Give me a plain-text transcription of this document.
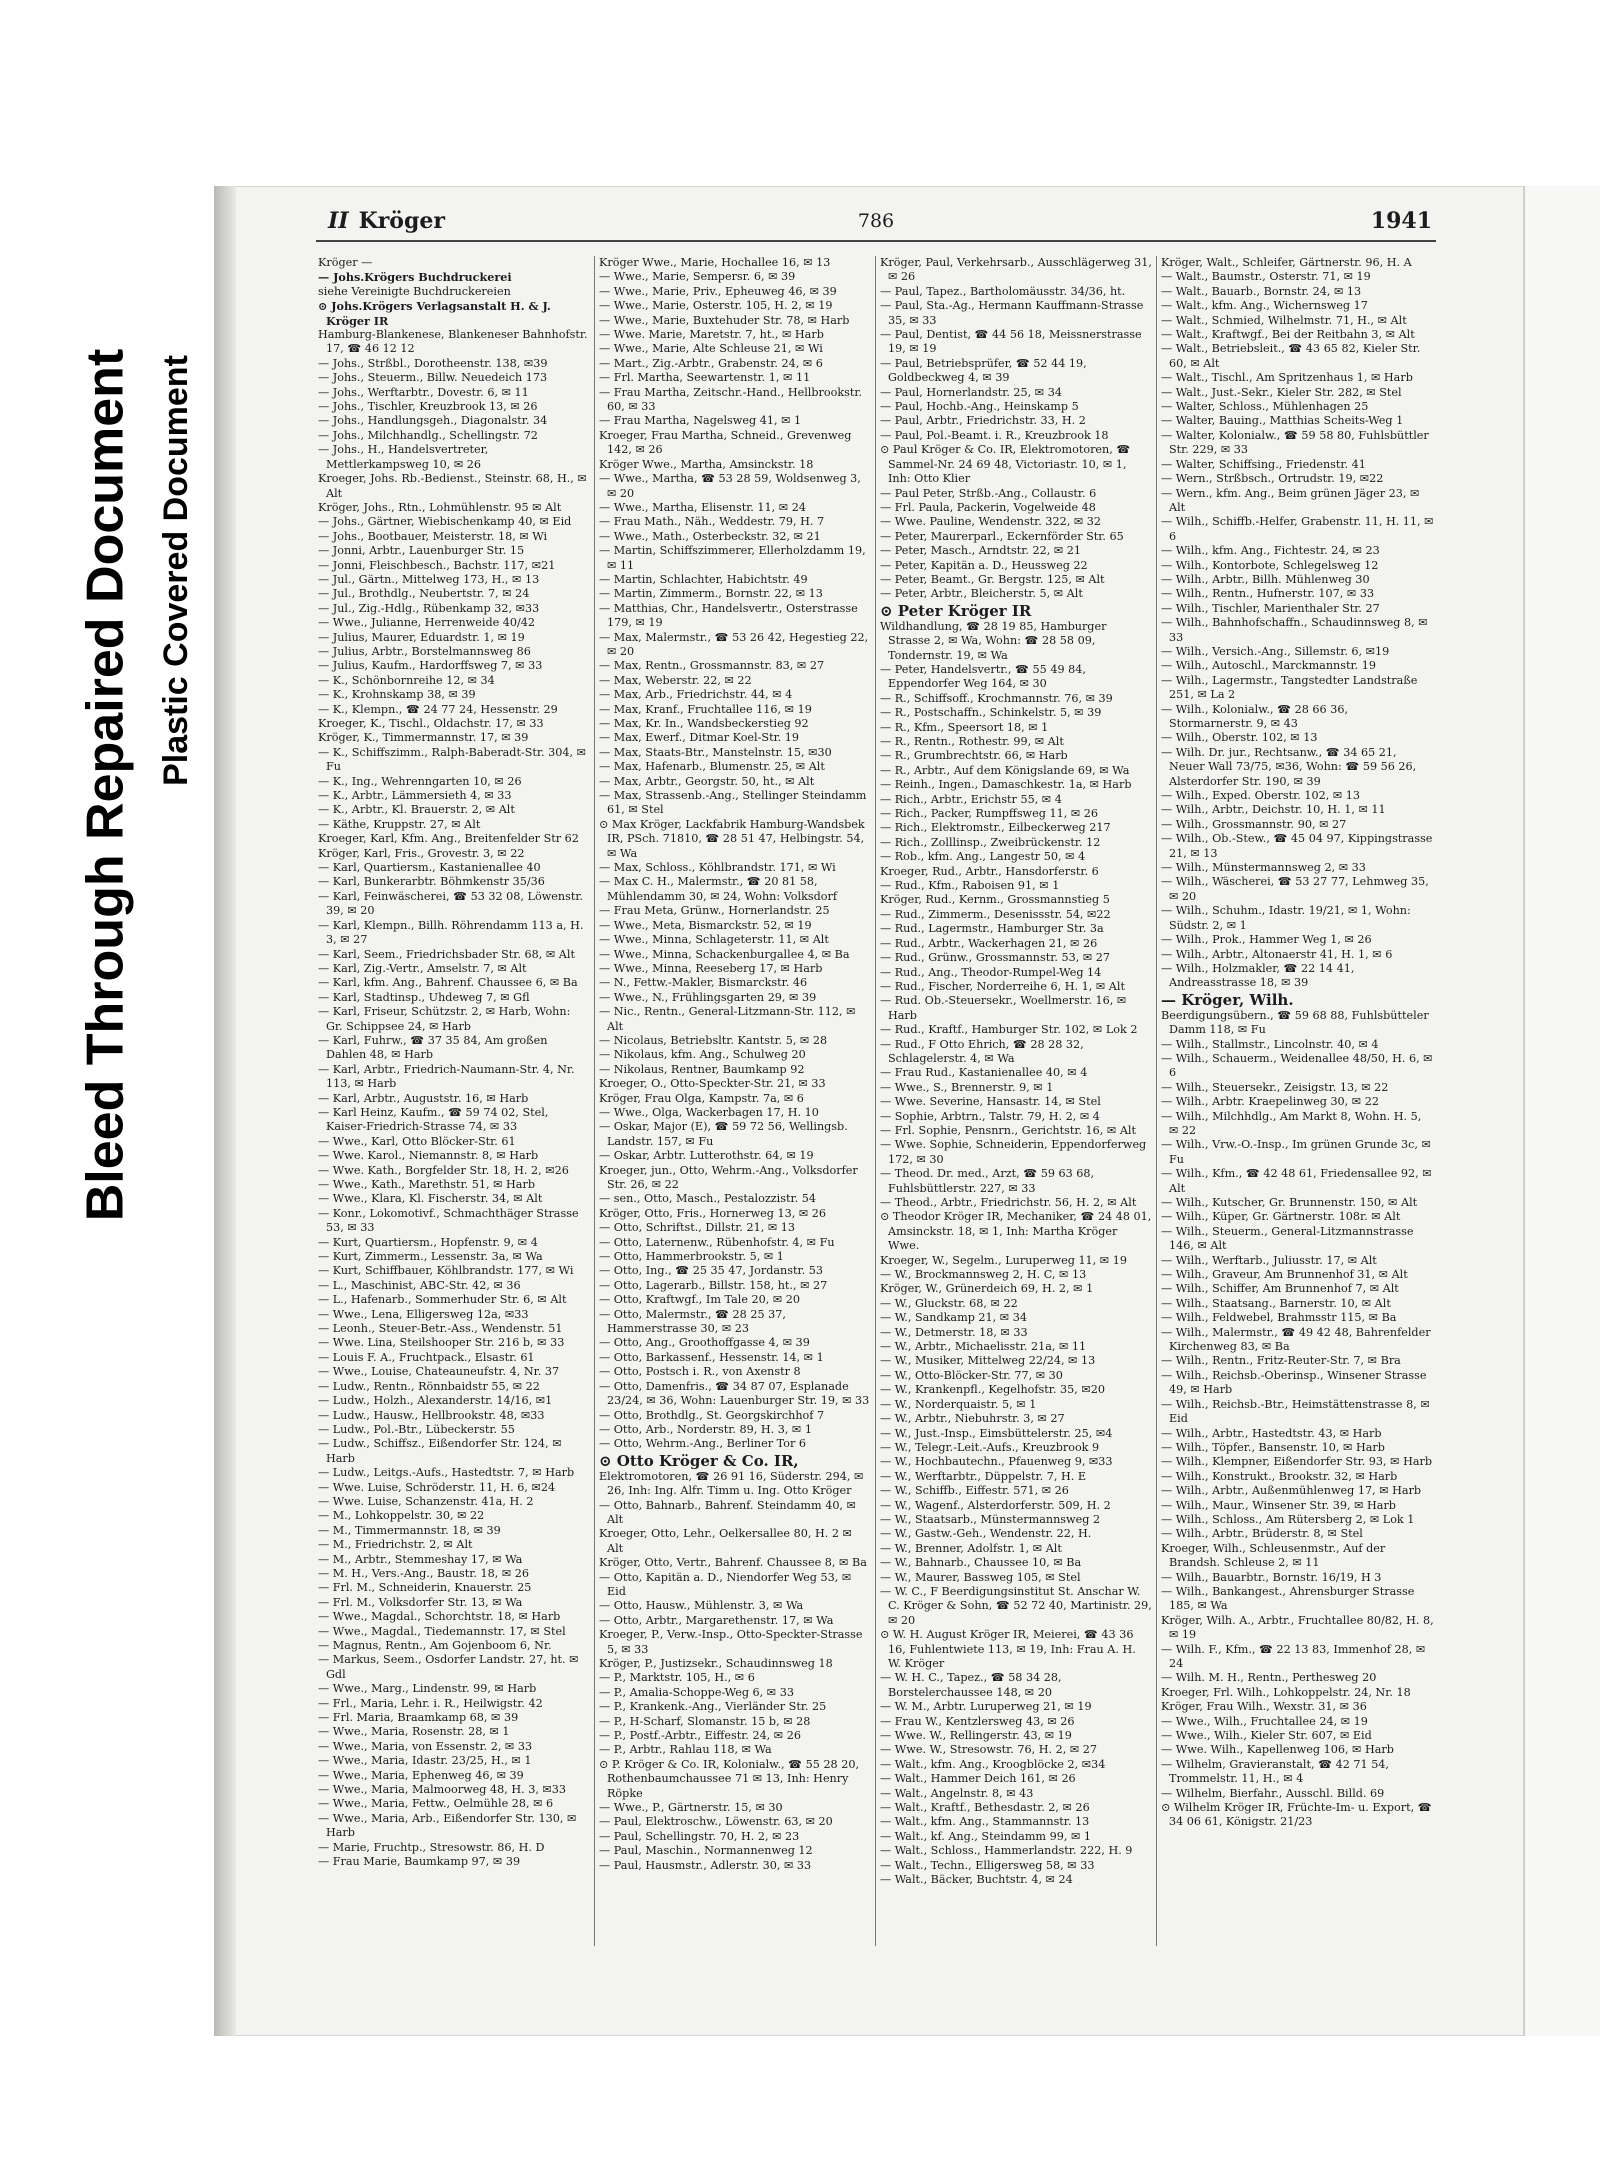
Bleed Through Repaired Document Plastic Covered Document
II Kröger	786	1941

Kröger —

— Johs.Krögers Buchdruckerei

siehe Vereinigte Buchdruckereien

⊙ Johs.Krögers Verlagsanstalt H. & J. Kröger IR

Hamburg-Blankenese, Blankeneser Bahnhofstr. 17, ☎ 46 12 12

— Johs., Strßbl., Dorotheenstr. 138, ✉39

— Johs., Steuerm., Billw. Neuedeich 173

— Johs., Werftarbtr., Dovestr. 6, ✉ 11

— Johs., Tischler, Kreuzbrook 13, ✉ 26

— Johs., Handlungsgeh., Diagonalstr. 34

— Johs., Milchhandlg., Schellingstr. 72

— Johs., H., Handelsvertreter, Mettlerkampsweg 10, ✉ 26

Kroeger, Johs. Rb.-Bedienst., Steinstr. 68, H., ✉ Alt

Kröger, Johs., Rtn., Lohmühlenstr. 95 ✉ Alt

— Johs., Gärtner, Wiebischenkamp 40, ✉ Eid

— Johs., Bootbauer, Meisterstr. 18, ✉ Wi

— Jonni, Arbtr., Lauenburger Str. 15

— Jonni, Fleischbesch., Bachstr. 117, ✉21

— Jul., Gärtn., Mittelweg 173, H., ✉ 13

— Jul., Brothdlg., Neubertstr. 7, ✉ 24

— Jul., Zig.-Hdlg., Rübenkamp 32, ✉33

— Wwe., Julianne, Herrenweide 40/42

— Julius, Maurer, Eduardstr. 1, ✉ 19

— Julius, Arbtr., Borstelmannsweg 86

— Julius, Kaufm., Hardorffsweg 7, ✉ 33

— K., Schönbornreihe 12, ✉ 34

— K., Krohnskamp 38, ✉ 39

— K., Klempn., ☎ 24 77 24, Hessenstr. 29

Kroeger, K., Tischl., Oldachstr. 17, ✉ 33

Kröger, K., Timmermannstr. 17, ✉ 39

— K., Schiffszimm., Ralph-Baberadt-Str. 304, ✉ Fu

— K., Ing., Wehrenngarten 10, ✉ 26

— K., Arbtr., Lämmersieth 4, ✉ 33

— K., Arbtr., Kl. Brauerstr. 2, ✉ Alt

— Käthe, Kruppstr. 27, ✉ Alt

Kroeger, Karl, Kfm. Ang., Breitenfelder Str 62

Kröger, Karl, Fris., Grovestr. 3, ✉ 22

— Karl, Quartiersm., Kastanienallee 40

— Karl, Bunkerarbtr. Böhmkenstr 35/36

— Karl, Feinwäscherei, ☎ 53 32 08, Löwenstr. 39, ✉ 20

— Karl, Klempn., Billh. Röhrendamm 113 a, H. 3, ✉ 27

— Karl, Seem., Friedrichsbader Str. 68, ✉ Alt

— Karl, Zig.-Vertr., Amselstr. 7, ✉ Alt

— Karl, kfm. Ang., Bahrenf. Chaussee 6, ✉ Ba

— Karl, Stadtinsp., Uhdeweg 7, ✉ Gfl

— Karl, Friseur, Schützstr. 2, ✉ Harb, Wohn: Gr. Schippsee 24, ✉ Harb

— Karl, Fuhrw., ☎ 37 35 84, Am großen Dahlen 48, ✉ Harb

— Karl, Arbtr., Friedrich-Naumann-Str. 4, Nr. 113, ✉ Harb

— Karl, Arbtr., Auguststr. 16, ✉ Harb

— Karl Heinz, Kaufm., ☎ 59 74 02, Stel, Kaiser-Friedrich-Strasse 74, ✉ 33

— Wwe., Karl, Otto Blöcker-Str. 61

— Wwe. Karol., Niemannstr. 8, ✉ Harb

— Wwe. Kath., Borgfelder Str. 18, H. 2, ✉26

— Wwe., Kath., Marethstr. 51, ✉ Harb

— Wwe., Klara, Kl. Fischerstr. 34, ✉ Alt

— Konr., Lokomotivf., Schmachthäger Strasse 53, ✉ 33

— Kurt, Quartiersm., Hopfenstr. 9, ✉ 4

— Kurt, Zimmerm., Lessenstr. 3a, ✉ Wa

— Kurt, Schiffbauer, Köhlbrandstr. 177, ✉ Wi

— L., Maschinist, ABC-Str. 42, ✉ 36

— L., Hafenarb., Sommerhuder Str. 6, ✉ Alt

— Wwe., Lena, Elligersweg 12a, ✉33

— Leonh., Steuer-Betr.-Ass., Wendenstr. 51

— Wwe. Lina, Steilshooper Str. 216 b, ✉ 33

— Louis F. A., Fruchtpack., Elsastr. 61

— Wwe., Louise, Chateauneufstr. 4, Nr. 37

— Ludw., Rentn., Rönnbaidstr 55, ✉ 22

— Ludw., Holzh., Alexanderstr. 14/16, ✉1

— Ludw., Hausw., Hellbrookstr. 48, ✉33

— Ludw., Pol.-Btr., Lübeckerstr. 55

— Ludw., Schiffsz., Eißendorfer Str. 124, ✉ Harb

— Ludw., Leitgs.-Aufs., Hastedtstr. 7, ✉ Harb

— Wwe. Luise, Schröderstr. 11, H. 6, ✉24

— Wwe. Luise, Schanzenstr. 41a, H. 2

— M., Lohkoppelstr. 30, ✉ 22

— M., Timmermannstr. 18, ✉ 39

— M., Friedrichstr. 2, ✉ Alt

— M., Arbtr., Stemmeshay 17, ✉ Wa

— M. H., Vers.-Ang., Baustr. 18, ✉ 26

— Frl. M., Schneiderin, Knauerstr. 25

— Frl. M., Volksdorfer Str. 13, ✉ Wa

— Wwe., Magdal., Schorchtstr. 18, ✉ Harb

— Wwe., Magdal., Tiedemannstr. 17, ✉ Stel

— Magnus, Rentn., Am Gojenboom 6, Nr.

— Markus, Seem., Osdorfer Landstr. 27, ht. ✉ Gdl

— Wwe., Marg., Lindenstr. 99, ✉ Harb

— Frl., Maria, Lehr. i. R., Heilwigstr. 42

— Frl. Maria, Braamkamp 68, ✉ 39

— Wwe., Maria, Rosenstr. 28, ✉ 1

— Wwe., Maria, von Essenstr. 2, ✉ 33

— Wwe., Maria, Idastr. 23/25, H., ✉ 1

— Wwe., Maria, Ephenweg 46, ✉ 39

— Wwe., Maria, Malmoorweg 48, H. 3, ✉33

— Wwe., Maria, Fettw., Oelmühle 28, ✉ 6

— Wwe., Maria, Arb., Eißendorfer Str. 130, ✉ Harb

— Marie, Fruchtp., Stresowstr. 86, H. D

— Frau Marie, Baumkamp 97, ✉ 39

Kröger Wwe., Marie, Hochallee 16, ✉ 13

— Wwe., Marie, Sempersr. 6, ✉ 39

— Wwe., Marie, Priv., Epheuweg 46, ✉ 39

— Wwe., Marie, Osterstr. 105, H. 2, ✉ 19

— Wwe., Marie, Buxtehuder Str. 78, ✉ Harb

— Wwe. Marie, Maretstr. 7, ht., ✉ Harb

— Wwe., Marie, Alte Schleuse 21, ✉ Wi

— Mart., Zig.-Arbtr., Grabenstr. 24, ✉ 6

— Frl. Martha, Seewartenstr. 1, ✉ 11

— Frau Martha, Zeitschr.-Hand., Hellbrookstr. 60, ✉ 33

— Frau Martha, Nagelsweg 41, ✉ 1

Kroeger, Frau Martha, Schneid., Grevenweg 142, ✉ 26

Kröger Wwe., Martha, Amsinckstr. 18

— Wwe., Martha, ☎ 53 28 59, Woldsenweg 3, ✉ 20

— Wwe., Martha, Elisenstr. 11, ✉ 24

— Frau Math., Näh., Weddestr. 79, H. 7

— Wwe., Math., Osterbeckstr. 32, ✉ 21

— Martin, Schiffszimmerer, Ellerholzdamm 19, ✉ 11

— Martin, Schlachter, Habichtstr. 49

— Martin, Zimmerm., Bornstr. 22, ✉ 13

— Matthias, Chr., Handelsvertr., Osterstrasse 179, ✉ 19

— Max, Malermstr., ☎ 53 26 42, Hegestieg 22, ✉ 20

— Max, Rentn., Grossmannstr. 83, ✉ 27

— Max, Weberstr. 22, ✉ 22

— Max, Arb., Friedrichstr. 44, ✉ 4

— Max, Kranf., Fruchtallee 116, ✉ 19

— Max, Kr. In., Wandsbeckerstieg 92

— Max, Ewerf., Ditmar Koel-Str. 19

— Max, Staats-Btr., Manstelnstr. 15, ✉30

— Max, Hafenarb., Blumenstr. 25, ✉ Alt

— Max, Arbtr., Georgstr. 50, ht., ✉ Alt

— Max, Strassenb.-Ang., Stellinger Steindamm 61, ✉ Stel

⊙ Max Kröger, Lackfabrik Hamburg-Wandsbek IR, PSch. 71810, ☎ 28 51 47, Helbingstr. 54, ✉ Wa

— Max, Schloss., Köhlbrandstr. 171, ✉ Wi

— Max C. H., Malermstr., ☎ 20 81 58, Mühlendamm 30, ✉ 24, Wohn: Volksdorf

— Frau Meta, Grünw., Hornerlandstr. 25

— Wwe., Meta, Bismarckstr. 52, ✉ 19

— Wwe., Minna, Schlageterstr. 11, ✉ Alt

— Wwe., Minna, Schackenburgallee 4, ✉ Ba

— Wwe., Minna, Reeseberg 17, ✉ Harb

— N., Fettw.-Makler, Bismarckstr. 46

— Wwe., N., Frühlingsgarten 29, ✉ 39

— Nic., Rentn., General-Litzmann-Str. 112, ✉ Alt

— Nicolaus, Betriebsltr. Kantstr. 5, ✉ 28

— Nikolaus, kfm. Ang., Schulweg 20

— Nikolaus, Rentner, Baumkamp 92

Kroeger, O., Otto-Speckter-Str. 21, ✉ 33

Kröger, Frau Olga, Kampstr. 7a, ✉ 6

— Wwe., Olga, Wackerbagen 17, H. 10

— Oskar, Major (E), ☎ 59 72 56, Wellingsb. Landstr. 157, ✉ Fu

— Oskar, Arbtr. Lutterothstr. 64, ✉ 19

Kroeger, jun., Otto, Wehrm.-Ang., Volksdorfer Str. 26, ✉ 22

— sen., Otto, Masch., Pestalozzistr. 54

Kröger, Otto, Fris., Hornerweg 13, ✉ 26

— Otto, Schriftst., Dillstr. 21, ✉ 13

— Otto, Laternenw., Rübenhofstr. 4, ✉ Fu

— Otto, Hammerbrookstr. 5, ✉ 1

— Otto, Ing., ☎ 25 35 47, Jordanstr. 53

— Otto, Lagerarb., Billstr. 158, ht., ✉ 27

— Otto, Kraftwgf., Im Tale 20, ✉ 20

— Otto, Malermstr., ☎ 28 25 37, Hammerstrasse 30, ✉ 23

— Otto, Ang., Groothoffgasse 4, ✉ 39

— Otto, Barkassenf., Hessenstr. 14, ✉ 1

— Otto, Postsch i. R., von Axenstr 8

— Otto, Damenfris., ☎ 34 87 07, Esplanade 23/24, ✉ 36, Wohn: Lauenburger Str. 19, ✉ 33

— Otto, Brothdlg., St. Georgskirchhof 7

— Otto, Arb., Norderstr. 89, H. 3, ✉ 1

— Otto, Wehrm.-Ang., Berliner Tor 6

⊙ Otto Kröger & Co. IR,

Elektromotoren, ☎ 26 91 16, Süderstr. 294, ✉ 26, Inh: Ing. Alfr. Timm u. Ing. Otto Kröger

— Otto, Bahnarb., Bahrenf. Steindamm 40, ✉ Alt

Kroeger, Otto, Lehr., Oelkersallee 80, H. 2 ✉ Alt

Kröger, Otto, Vertr., Bahrenf. Chaussee 8, ✉ Ba

— Otto, Kapitän a. D., Niendorfer Weg 53, ✉ Eid

— Otto, Hausw., Mühlenstr. 3, ✉ Wa

— Otto, Arbtr., Margarethenstr. 17, ✉ Wa

Kroeger, P., Verw.-Insp., Otto-Speckter-Strasse 5, ✉ 33

Kröger, P., Justizsekr., Schaudinnsweg 18

— P., Marktstr. 105, H., ✉ 6

— P., Amalia-Schoppe-Weg 6, ✉ 33

— P., Krankenk.-Ang., Vierländer Str. 25

— P., H-Scharf, Slomanstr. 15 b, ✉ 28

— P., Postf.-Arbtr., Eiffestr. 24, ✉ 26

— P., Arbtr., Rahlau 118, ✉ Wa

⊙ P. Kröger & Co. IR, Kolonialw., ☎ 55 28 20, Rothenbaumchaussee 71 ✉ 13, Inh: Henry Röpke

— Wwe., P., Gärtnerstr. 15, ✉ 30

— Paul, Elektroschw., Löwenstr. 63, ✉ 20

— Paul, Schellingstr. 70, H. 2, ✉ 23

— Paul, Maschin., Normannenweg 12

— Paul, Hausmstr., Adlerstr. 30, ✉ 33

Kröger, Paul, Verkehrsarb., Ausschlägerweg 31, ✉ 26

— Paul, Tapez., Bartholomäusstr. 34/36, ht.

— Paul, Sta.-Ag., Hermann Kauffmann-Strasse 35, ✉ 33

— Paul, Dentist, ☎ 44 56 18, Meissnerstrasse 19, ✉ 19

— Paul, Betriebsprüfer, ☎ 52 44 19, Goldbeckweg 4, ✉ 39

— Paul, Hornerlandstr. 25, ✉ 34

— Paul, Hochb.-Ang., Heinskamp 5

— Paul, Arbtr., Friedrichstr. 33, H. 2

— Paul, Pol.-Beamt. i. R., Kreuzbrook 18

⊙ Paul Kröger & Co. IR, Elektromotoren, ☎ Sammel-Nr. 24 69 48, Victoriastr. 10, ✉ 1, Inh: Otto Klier

— Paul Peter, Strßb.-Ang., Collaustr. 6

— Frl. Paula, Packerin, Vogelweide 48

— Wwe. Pauline, Wendenstr. 322, ✉ 32

— Peter, Maurerparl., Eckernförder Str. 65

— Peter, Masch., Arndtstr. 22, ✉ 21

— Peter, Kapitän a. D., Heussweg 22

— Peter, Beamt., Gr. Bergstr. 125, ✉ Alt

— Peter, Arbtr., Bleicherstr. 5, ✉ Alt

⊙ Peter Kröger IR

Wildhandlung, ☎ 28 19 85, Hamburger Strasse 2, ✉ Wa, Wohn: ☎ 28 58 09, Tondernstr. 19, ✉ Wa

— Peter, Handelsvertr., ☎ 55 49 84, Eppendorfer Weg 164, ✉ 30

— R., Schiffsoff., Krochmannstr. 76, ✉ 39

— R., Postschaffn., Schinkelstr. 5, ✉ 39

— R., Kfm., Speersort 18, ✉ 1

— R., Rentn., Rothestr. 99, ✉ Alt

— R., Grumbrechtstr. 66, ✉ Harb

— R., Arbtr., Auf dem Königslande 69, ✉ Wa

— Reinh., Ingen., Damaschkestr. 1a, ✉ Harb

— Rich., Arbtr., Erichstr 55, ✉ 4

— Rich., Packer, Rumpffsweg 11, ✉ 26

— Rich., Elektromstr., Eilbeckerweg 217

— Rich., Zolllinsp., Zweibrückenstr. 12

— Rob., kfm. Ang., Langestr 50, ✉ 4

Kroeger, Rud., Arbtr., Hansdorferstr. 6

— Rud., Kfm., Raboisen 91, ✉ 1

Kröger, Rud., Kernm., Grossmannstieg 5

— Rud., Zimmerm., Desenissstr. 54, ✉22

— Rud., Lagermstr., Hamburger Str. 3a

— Rud., Arbtr., Wackerhagen 21, ✉ 26

— Rud., Grünw., Grossmannstr. 53, ✉ 27

— Rud., Ang., Theodor-Rumpel-Weg 14

— Rud., Fischer, Norderreihe 6, H. 1, ✉ Alt

— Rud. Ob.-Steuersekr., Woellmerstr. 16, ✉ Harb

— Rud., Kraftf., Hamburger Str. 102, ✉ Lok 2

— Rud., F Otto Ehrich, ☎ 28 28 32, Schlagelerstr. 4, ✉ Wa

— Frau Rud., Kastanienallee 40, ✉ 4

— Wwe., S., Brennerstr. 9, ✉ 1

— Wwe. Severine, Hansastr. 14, ✉ Stel

— Sophie, Arbtrn., Talstr. 79, H. 2, ✉ 4

— Frl. Sophie, Pensnrn., Gerichtstr. 16, ✉ Alt

— Wwe. Sophie, Schneiderin, Eppendorferweg 172, ✉ 30

— Theod. Dr. med., Arzt, ☎ 59 63 68, Fuhlsbüttlerstr. 227, ✉ 33

— Theod., Arbtr., Friedrichstr. 56, H. 2, ✉ Alt

⊙ Theodor Kröger IR, Mechaniker, ☎ 24 48 01, Amsinckstr. 18, ✉ 1, Inh: Martha Kröger Wwe.

Kroeger, W., Segelm., Luruperweg 11, ✉ 19

— W., Brockmannsweg 2, H. C, ✉ 13

Kröger, W., Grünerdeich 69, H. 2, ✉ 1

— W., Gluckstr. 68, ✉ 22

— W., Sandkamp 21, ✉ 34

— W., Detmerstr. 18, ✉ 33

— W., Arbtr., Michaelisstr. 21a, ✉ 11

— W., Musiker, Mittelweg 22/24, ✉ 13

— W., Otto-Blöcker-Str. 77, ✉ 30

— W., Krankenpfl., Kegelhofstr. 35, ✉20

— W., Norderquaistr. 5, ✉ 1

— W., Arbtr., Niebuhrstr. 3, ✉ 27

— W., Just.-Insp., Eimsbüttelerstr. 25, ✉4

— W., Telegr.-Leit.-Aufs., Kreuzbrook 9

— W., Hochbautechn., Pfauenweg 9, ✉33

— W., Werftarbtr., Düppelstr. 7, H. E

— W., Schiffb., Eiffestr. 571, ✉ 26

— W., Wagenf., Alsterdorferstr. 509, H. 2

— W., Staatsarb., Münstermannsweg 2

— W., Gastw.-Geh., Wendenstr. 22, H.

— W., Brenner, Adolfstr. 1, ✉ Alt

— W., Bahnarb., Chaussee 10, ✉ Ba

— W., Maurer, Bassweg 105, ✉ Stel

— W. C., F Beerdigungsinstitut St. Anschar W. C. Kröger & Sohn, ☎ 52 72 40, Martinistr. 29, ✉ 20

⊙ W. H. August Kröger IR, Meierei, ☎ 43 36 16, Fuhlentwiete 113, ✉ 19, Inh: Frau A. H. W. Kröger

— W. H. C., Tapez., ☎ 58 34 28, Borstelerchaussee 148, ✉ 20

— W. M., Arbtr. Luruperweg 21, ✉ 19

— Frau W., Kentzlersweg 43, ✉ 26

— Wwe. W., Rellingerstr. 43, ✉ 19

— Wwe. W., Stresowstr. 76, H. 2, ✉ 27

— Walt., kfm. Ang., Kroogblöcke 2, ✉34

— Walt., Hammer Deich 161, ✉ 26

— Walt., Angelnstr. 8, ✉ 43

— Walt., Kraftf., Bethesdastr. 2, ✉ 26

— Walt., kfm. Ang., Stammannstr. 13

— Walt., kf. Ang., Steindamm 99, ✉ 1

— Walt., Schloss., Hammerlandstr. 222, H. 9

— Walt., Techn., Elligersweg 58, ✉ 33

— Walt., Bäcker, Buchtstr. 4, ✉ 24

Kröger, Walt., Schleifer, Gärtnerstr. 96, H. A

— Walt., Baumstr., Osterstr. 71, ✉ 19

— Walt., Bauarb., Bornstr. 24, ✉ 13

— Walt., kfm. Ang., Wichernsweg 17

— Walt., Schmied, Wilhelmstr. 71, H., ✉ Alt

— Walt., Kraftwgf., Bei der Reitbahn 3, ✉ Alt

— Walt., Betriebsleit., ☎ 43 65 82, Kieler Str. 60, ✉ Alt

— Walt., Tischl., Am Spritzenhaus 1, ✉ Harb

— Walt., Just.-Sekr., Kieler Str. 282, ✉ Stel

— Walter, Schloss., Mühlenhagen 25

— Walter, Bauing., Matthias Scheits-Weg 1

— Walter, Kolonialw., ☎ 59 58 80, Fuhlsbüttler Str. 229, ✉ 33

— Walter, Schiffsing., Friedenstr. 41

— Wern., Strßbsch., Ortrudstr. 19, ✉22

— Wern., kfm. Ang., Beim grünen Jäger 23, ✉ Alt

— Wilh., Schiffb.-Helfer, Grabenstr. 11, H. 11, ✉ 6

— Wilh., kfm. Ang., Fichtestr. 24, ✉ 23

— Wilh., Kontorbote, Schlegelsweg 12

— Wilh., Arbtr., Billh. Mühlenweg 30

— Wilh., Rentn., Hufnerstr. 107, ✉ 33

— Wilh., Tischler, Marienthaler Str. 27

— Wilh., Bahnhofschaffn., Schaudinnsweg 8, ✉ 33

— Wilh., Versich.-Ang., Sillemstr. 6, ✉19

— Wilh., Autoschl., Marckmannstr. 19

— Wilh., Lagermstr., Tangstedter Landstraße 251, ✉ La 2

— Wilh., Kolonialw., ☎ 28 66 36, Stormarnerstr. 9, ✉ 43

— Wilh., Oberstr. 102, ✉ 13

— Wilh. Dr. jur., Rechtsanw., ☎ 34 65 21, Neuer Wall 73/75, ✉36, Wohn: ☎ 59 56 26, Alsterdorfer Str. 190, ✉ 39

— Wilh., Exped. Oberstr. 102, ✉ 13

— Wilh., Arbtr., Deichstr. 10, H. 1, ✉ 11

— Wilh., Grossmannstr. 90, ✉ 27

— Wilh., Ob.-Stew., ☎ 45 04 97, Kippingstrasse 21, ✉ 13

— Wilh., Münstermannsweg 2, ✉ 33

— Wilh., Wäscherei, ☎ 53 27 77, Lehmweg 35, ✉ 20

— Wilh., Schuhm., Idastr. 19/21, ✉ 1, Wohn: Südstr. 2, ✉ 1

— Wilh., Prok., Hammer Weg 1, ✉ 26

— Wilh., Arbtr., Altonaerstr 41, H. 1, ✉ 6

— Wilh., Holzmakler, ☎ 22 14 41, Andreasstrasse 18, ✉ 39

— Kröger, Wilh.

Beerdigungsübern., ☎ 59 68 88, Fuhlsbütteler Damm 118, ✉ Fu

— Wilh., Stallmstr., Lincolnstr. 40, ✉ 4

— Wilh., Schauerm., Weidenallee 48/50, H. 6, ✉ 6

— Wilh., Steuersekr., Zeisigstr. 13, ✉ 22

— Wilh., Arbtr. Kraepelinweg 30, ✉ 22

— Wilh., Milchhdlg., Am Markt 8, Wohn. H. 5, ✉ 22

— Wilh., Vrw.-O.-Insp., Im grünen Grunde 3c, ✉ Fu

— Wilh., Kfm., ☎ 42 48 61, Friedensallee 92, ✉ Alt

— Wilh., Kutscher, Gr. Brunnenstr. 150, ✉ Alt

— Wilh., Küper, Gr. Gärtnerstr. 108r. ✉ Alt

— Wilh., Steuerm., General-Litzmannstrasse 146, ✉ Alt

— Wilh., Werftarb., Juliusstr. 17, ✉ Alt

— Wilh., Graveur, Am Brunnenhof 31, ✉ Alt

— Wilh., Schiffer, Am Brunnenhof 7, ✉ Alt

— Wilh., Staatsang., Barnerstr. 10, ✉ Alt

— Wilh., Feldwebel, Brahmsstr 115, ✉ Ba

— Wilh., Malermstr., ☎ 49 42 48, Bahrenfelder Kirchenweg 83, ✉ Ba

— Wilh., Rentn., Fritz-Reuter-Str. 7, ✉ Bra

— Wilh., Reichsb.-Oberinsp., Winsener Strasse 49, ✉ Harb

— Wilh., Reichsb.-Btr., Heimstättenstrasse 8, ✉ Eid

— Wilh., Arbtr., Hastedtstr. 43, ✉ Harb

— Wilh., Töpfer., Bansenstr. 10, ✉ Harb

— Wilh., Klempner, Eißendorfer Str. 93, ✉ Harb

— Wilh., Konstrukt., Brookstr. 32, ✉ Harb

— Wilh., Arbtr., Außenmühlenweg 17, ✉ Harb

— Wilh., Maur., Winsener Str. 39, ✉ Harb

— Wilh., Schloss., Am Rütersberg 2, ✉ Lok 1

— Wilh., Arbtr., Brüderstr. 8, ✉ Stel

Kroeger, Wilh., Schleusenmstr., Auf der Brandsh. Schleuse 2, ✉ 11

— Wilh., Bauarbtr., Bornstr. 16/19, H 3

— Wilh., Bankangest., Ahrensburger Strasse 185, ✉ Wa

Kröger, Wilh. A., Arbtr., Fruchtallee 80/82, H. 8, ✉ 19

— Wilh. F., Kfm., ☎ 22 13 83, Immenhof 28, ✉ 24

— Wilh. M. H., Rentn., Perthesweg 20

Kroeger, Frl. Wilh., Lohkoppelstr. 24, Nr. 18

Kröger, Frau Wilh., Wexstr. 31, ✉ 36

— Wwe., Wilh., Fruchtallee 24, ✉ 19

— Wwe., Wilh., Kieler Str. 607, ✉ Eid

— Wwe. Wilh., Kapellenweg 106, ✉ Harb

— Wilhelm, Gravieranstalt, ☎ 42 71 54, Trommelstr. 11, H., ✉ 4

— Wilhelm, Bierfahr., Ausschl. Billd. 69

⊙ Wilhelm Kröger IR, Früchte-Im- u. Export, ☎ 34 06 61, Königstr. 21/23
